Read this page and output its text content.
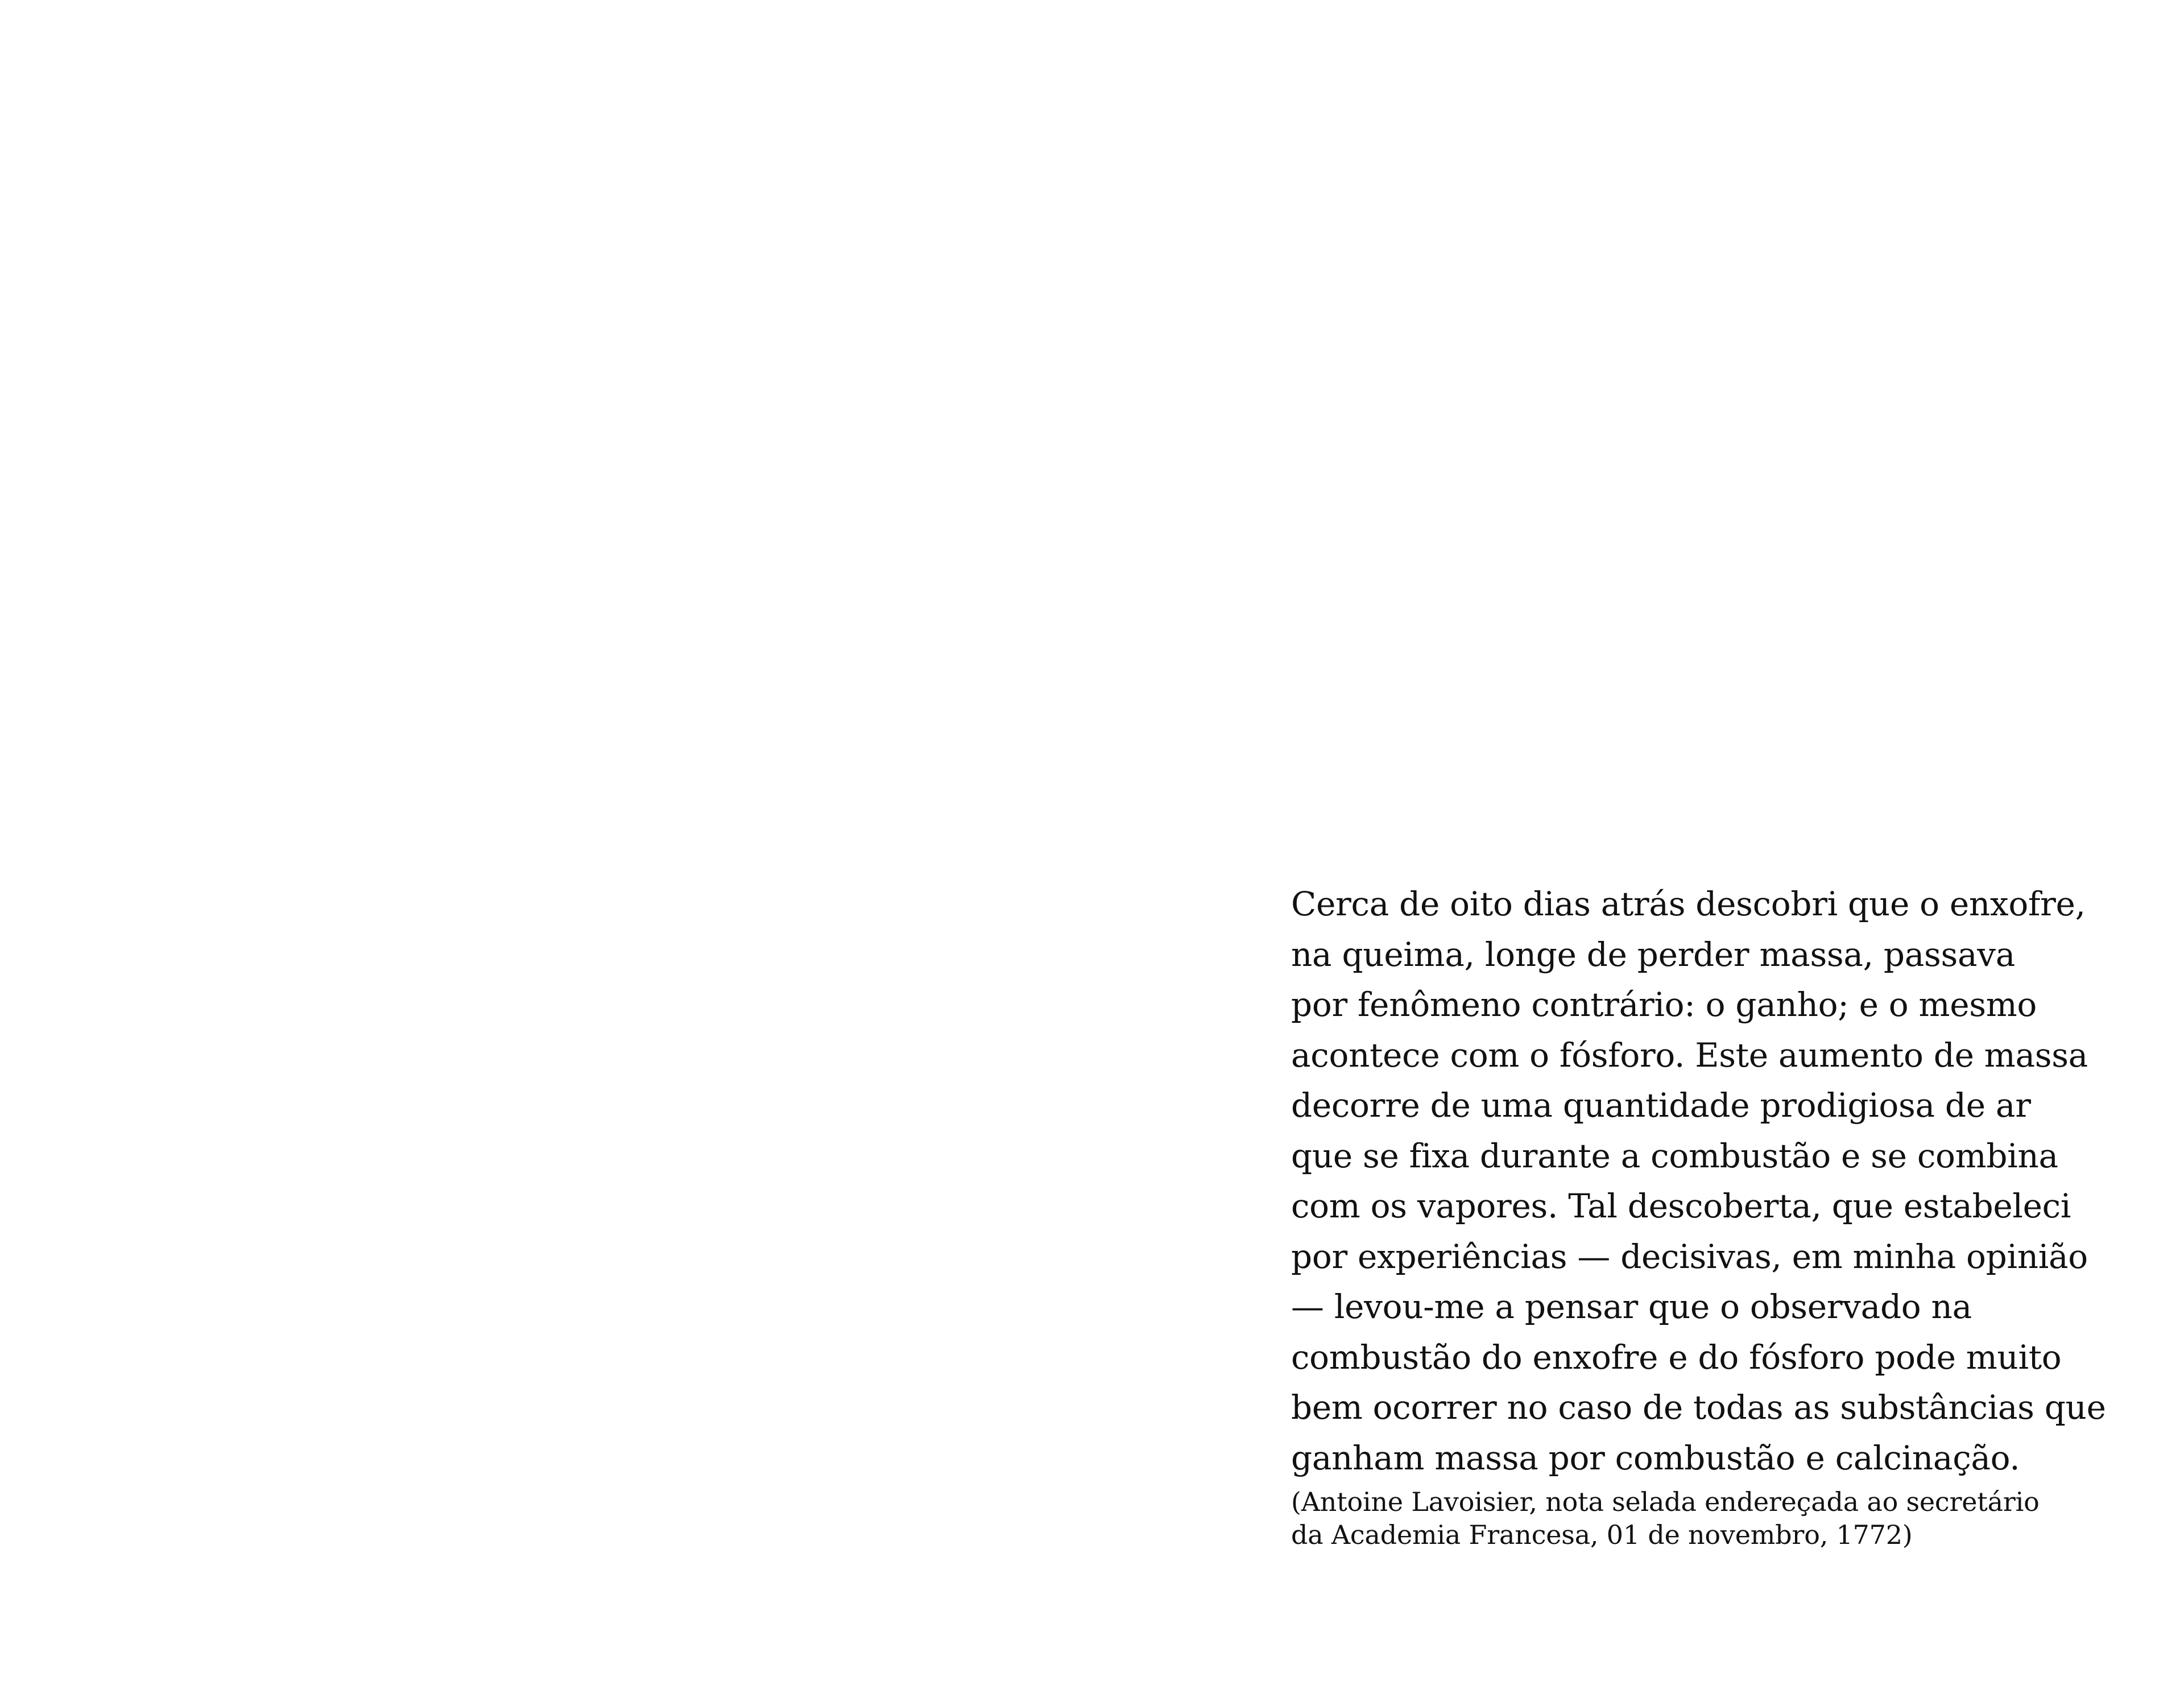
Cerca de oito dias atrás descobri que o enxofre,
na queima, longe de perder massa, passava
por fenômeno contrário: o ganho; e o mesmo
acontece com o fósforo. Este aumento de massa
decorre de uma quantidade prodigiosa de ar
que se fixa durante a combustão e se combina
com os vapores. Tal descoberta, que estabeleci
por experiências — decisivas, em minha opinião
— levou-me a pensar que o observado na
combustão do enxofre e do fósforo pode muito
bem ocorrer no caso de todas as substâncias que
ganham massa por combustão e calcinação.
(Antoine Lavoisier, nota selada endereçada ao secretário
da Academia Francesa, 01 de novembro, 1772)
